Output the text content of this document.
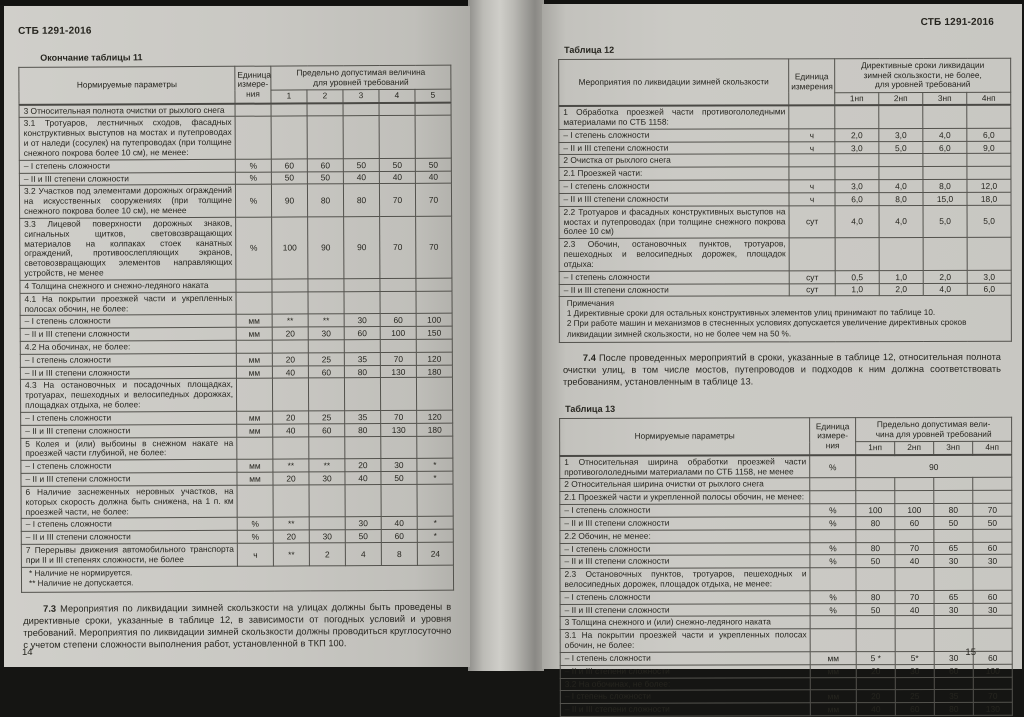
СТБ 1291-2016
Окончание таблицы 11
Нормируемые параметры	Единица
измере-
ния	Предельно допустимая величина
для уровней требований				
		1	2	3	4	5
3 Относительная полнота очистки от рыхлого снега						
3.1 Тротуаров, лестничных сходов, фасадных конструктивных выступов на мостах и путепроводах и от наледи (сосулек) на путепроводах (при толщине снежного покрова более 10 см), не менее:						
– I степень сложности	%	60	60	50	50	50
– II и III степени сложности	%	50	50	40	40	40
3.2 Участков под элементами дорожных ограждений на искусственных сооружениях (при толщине снежного покрова более 10 см), не менее	%	90	80	80	70	70
3.3 Лицевой поверхности дорожных знаков, сигнальных щитков, световозвращающих материалов на колпаках стоек канатных ограждений, противоослепляющих экранов, световозвращающих элементов направляющих устройств, не менее	%	100	90	90	70	70
4 Толщина снежного и снежно-ледяного наката						
4.1 На покрытии проезжей части и укрепленных полосах обочин, не более:						
– I степень сложности	мм	**	**	30	60	100
– II и III степени сложности	мм	20	30	60	100	150
4.2 На обочинах, не более:						
– I степень сложности	мм	20	25	35	70	120
– II и III степени сложности	мм	40	60	80	130	180
4.3 На остановочных и посадочных площадках, тротуарах, пешеходных и велосипедных дорожках, площадках отдыха, не более:						
– I степень сложности	мм	20	25	35	70	120
– II и III степени сложности	мм	40	60	80	130	180
5 Колея и (или) выбоины в снежном накате на проезжей части глубиной, не более:						
– I степень сложности	мм	**	**	20	30	*
– II и III степени сложности	мм	20	30	40	50	*
6 Наличие заснеженных неровных участков, на которых скорость должна быть снижена, на 1 п. км проезжей части, не более:						
– I степень сложности	%	**		30	40	*
– II и III степени сложности	%	20	30	50	60	*
7 Перерывы движения автомобильного транспорта при II и III степенях сложности, не более	ч	**	2	4	8	24

* Наличие не нормируется.
** Наличие не допускается.						

7.3 Мероприятия по ликвидации зимней скользкости на улицах должны быть проведены в директивные сроки, указанные в таблице 12, в зависимости от погодных условий и уровня требований. Мероприятия по ликвидации зимней скользкости должны проводиться круглосуточно с учетом степени сложности выполнения работ, установленной в ТКП 100.

14
СТБ 1291-2016
Таблица 12
Мероприятия по ликвидации зимней скользкости	Единица
измерения	Директивные сроки ликвидации
зимней скользкости, не более,
для уровней требований			
		1нп	2нп	3нп	4нп
1 Обработка проезжей части противогололедными материалами по СТБ 1158:					
– I степень сложности	ч	2,0	3,0	4,0	6,0
– II и III степени сложности	ч	3,0	5,0	6,0	9,0
2 Очистка от рыхлого снега					
2.1 Проезжей части:					
– I степень сложности	ч	3,0	4,0	8,0	12,0
– II и III степени сложности	ч	6,0	8,0	15,0	18,0
2.2 Тротуаров и фасадных конструктивных выступов на мостах и путепроводах (при толщине снежного покрова более 10 см)	сут	4,0	4,0	5,0	5,0
2.3 Обочин, остановочных пунктов, тротуаров, пешеходных и велосипедных дорожек, площадок отдыха:					
– I степень сложности	сут	0,5	1,0	2,0	3,0
– II и III степени сложности	сут	1,0	2,0	4,0	6,0

Примечания
1 Директивные сроки для остальных конструктивных элементов улиц принимают по таблице 10.
2 При работе машин и механизмов в стесненных условиях допускается увеличение директивных сроков ликвидации зимней скользкости, но не более чем на 50 %.					

7.4 После проведенных мероприятий в сроки, указанные в таблице 12, относительная полнота очистки улиц, в том числе мостов, путепроводов и подходов к ним должна соответствовать требованиям, установленным в таблице 13.

Таблица 13
Нормируемые параметры	Единица
измере-
ния	Предельно допустимая вели-
чина для уровней требований			
		1нп	2нп	3нп	4нп
1 Относительная ширина обработки проезжей части противогололедными материалами по СТБ 1158, не менее	%	90			
2 Относительная ширина очистки от рыхлого снега					
2.1 Проезжей части и укрепленной полосы обочин, не менее:					
– I степень сложности	%	100	100	80	70
– II и III степени сложности	%	80	60	50	50
2.2 Обочин, не менее:					
– I степень сложности	%	80	70	65	60
– II и III степени сложности	%	50	40	30	30
2.3 Остановочных пунктов, тротуаров, пешеходных и велосипедных дорожек, площадок отдыха, не менее:					
– I степень сложности	%	80	70	65	60
– II и III степени сложности	%	50	40	30	30
3 Толщина снежного и (или) снежно-ледяного наката					
3.1 На покрытии проезжей части и укрепленных полосах обочин, не более:					
– I степень сложности	мм	5 *	5*	30	60
– II и III степени сложности	мм	20	30	60	100
3.2 На обочинах, не более:					
– I степень сложности	мм	20	25	35	70
– II и III степени сложности	мм	40	60	80	130
15
